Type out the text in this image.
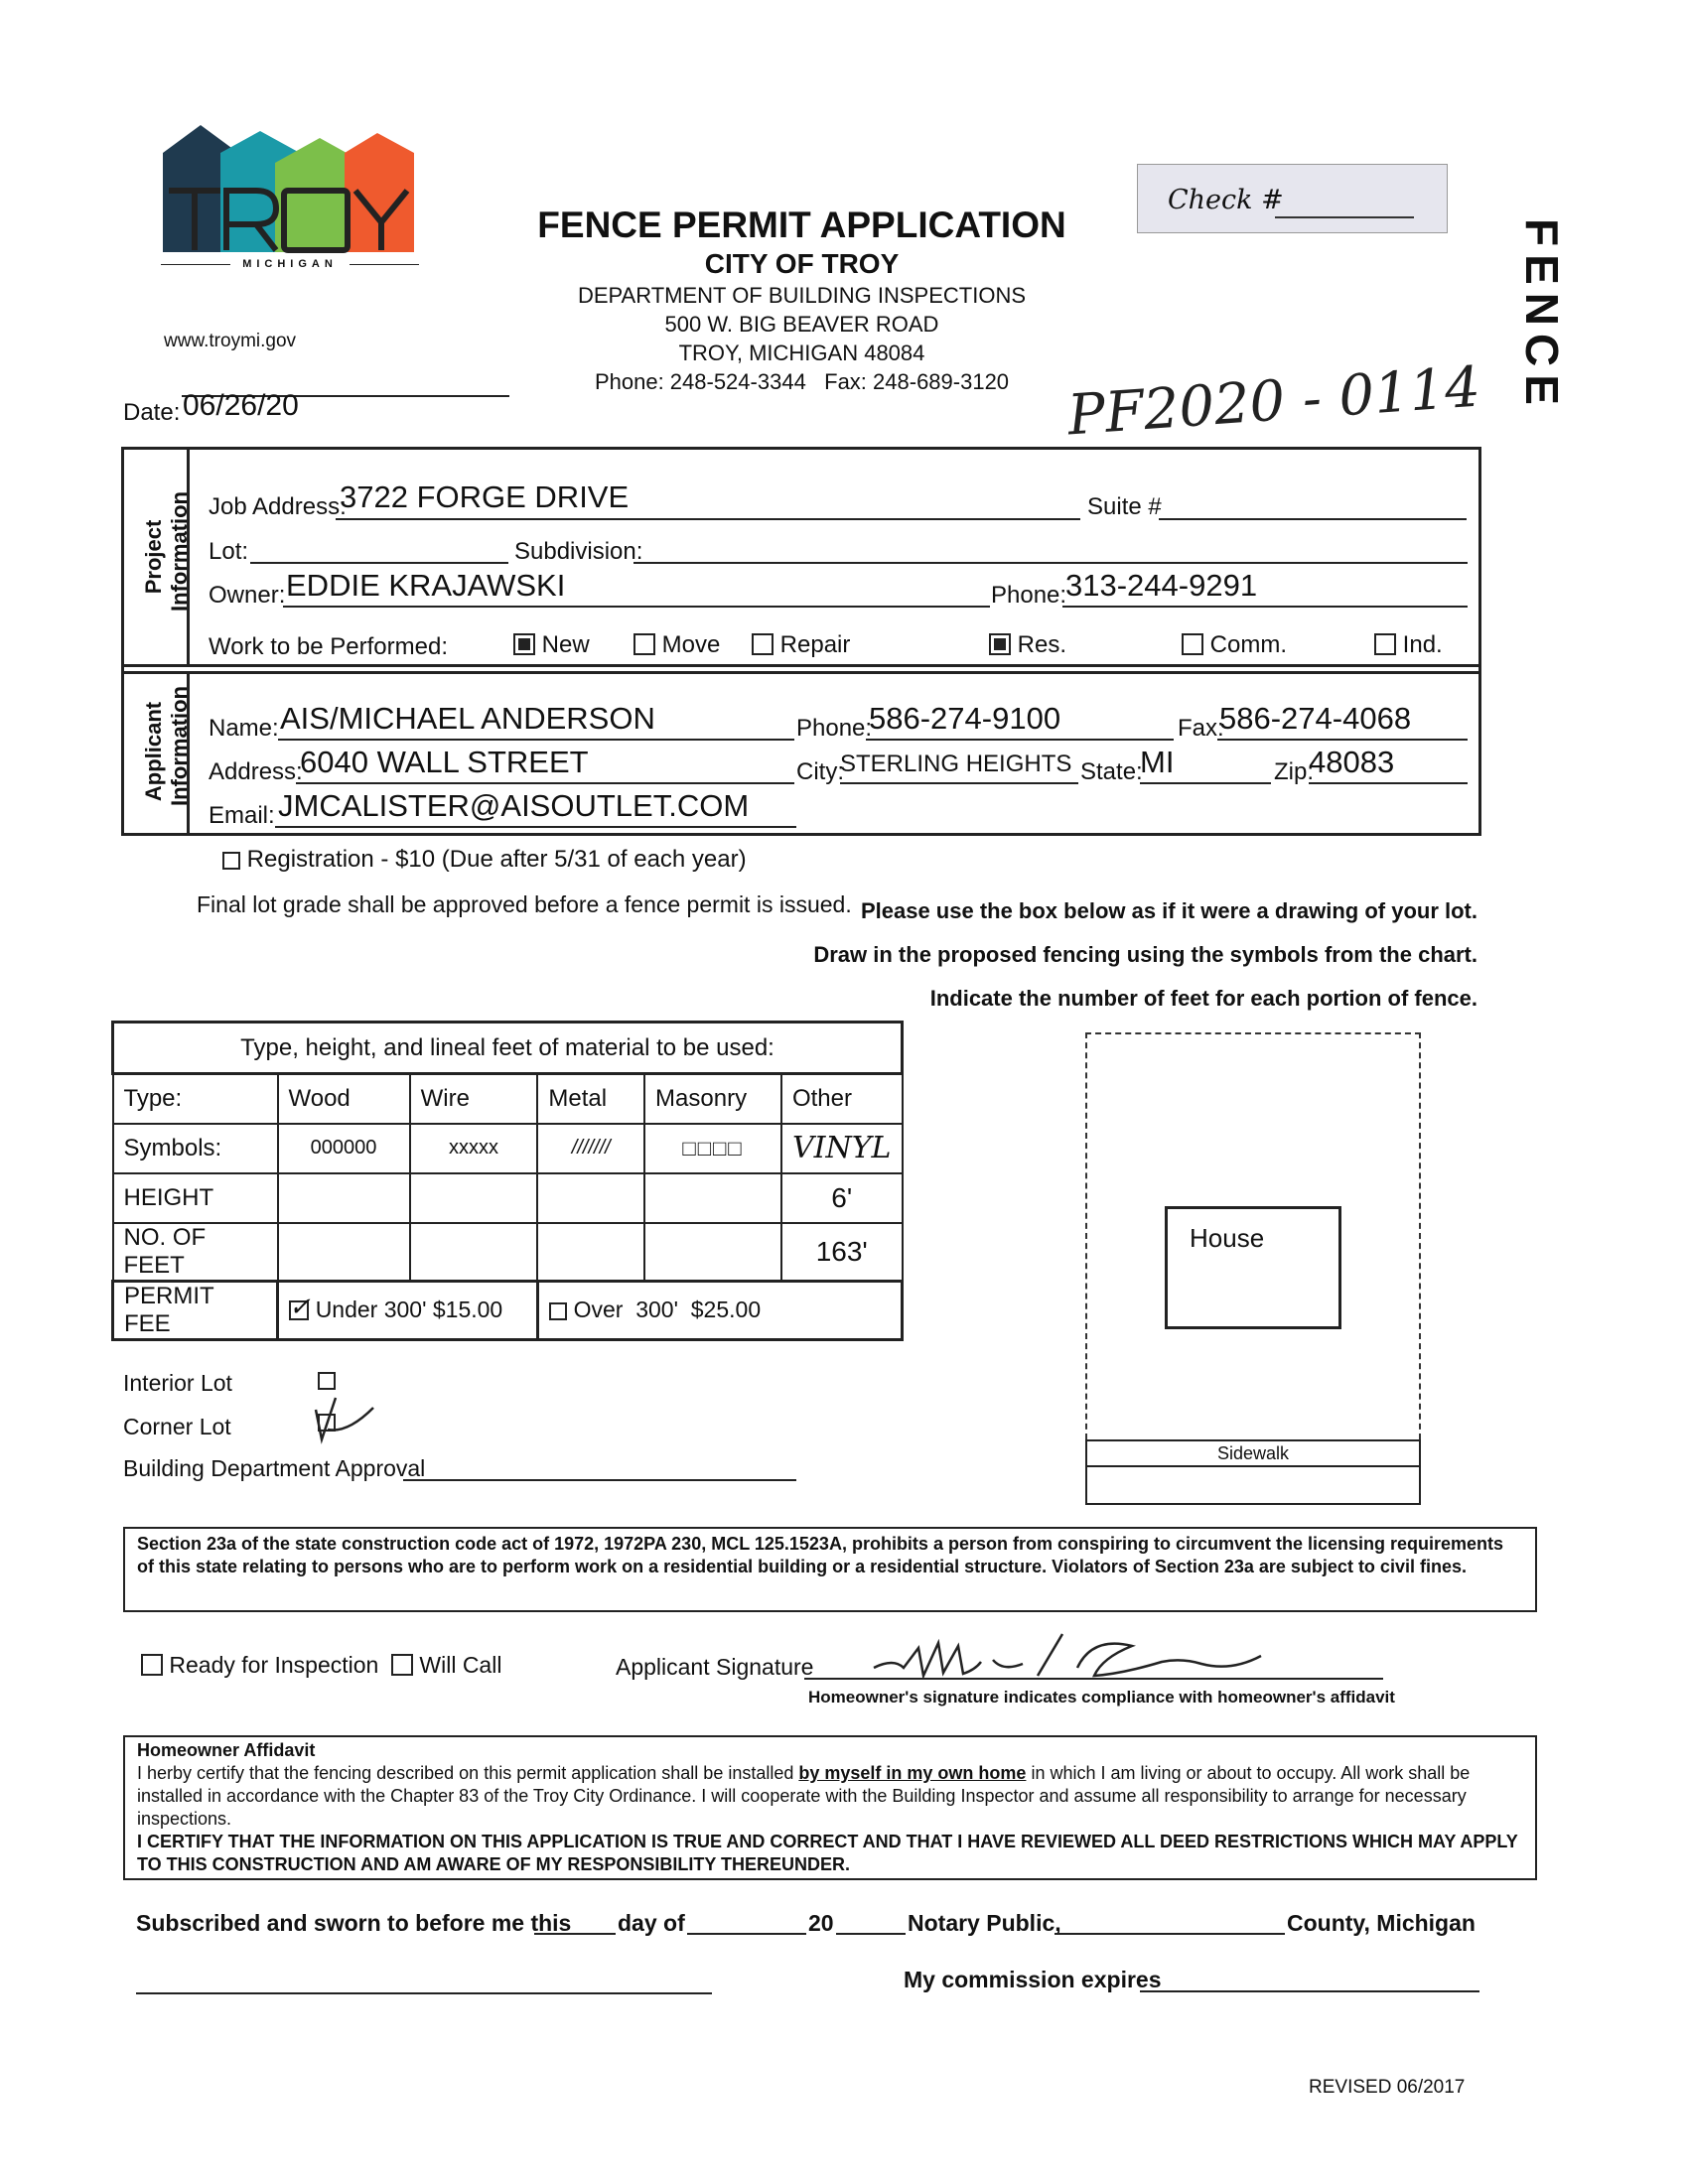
MICHIGAN
www.troymi.gov
FENCE PERMIT APPLICATION
CITY OF TROY
DEPARTMENT OF BUILDING INSPECTIONS
500 W. BIG BEAVER ROAD
TROY, MICHIGAN 48084
Phone: 248-524-3344   Fax: 248-689-3120
Check #
FENCE
PF2020 - 0114
Date: 06/26/20
Project Information Job Address:
3722 FORGE DRIVE	Suite #
Lot:	Subdivision:
Owner: EDDIE KRAJAWSKI	Phone:
313-244-9291
Work to be Performed:	New	Move	Repair	Res.	Comm.	Ind.
Applicant Information Name: AIS/MICHAEL ANDERSON	Phone:
586-274-9100	Fax:
586-274-4068
Address:
6040 WALL STREET	City:
STERLING HEIGHTS State:
MI	Zip:
48083
Email: JMCALISTER@AISOUTLET.COM
Registration - $10 (Due after 5/31 of each year)
Final lot grade shall be approved before a fence permit is issued. Please use the box below as if it were a drawing of your lot.
Draw in the proposed fencing using the symbols from the chart.
Indicate the number of feet for each portion of fence.
Type, height, and lineal feet of material to be used:					
Type:	Wood	Wire	Metal	Masonry	Other
Symbols:	000000	xxxxx	///////	□□□□	VINYL
HEIGHT					6'
NO. OF FEET					163'
PERMIT FEE	✓ Under 300' $15.00		Over  300'  $25.00		
Interior Lot
Corner Lot
Building Department Approval
House
Sidewalk
Section 23a of the state construction code act of 1972, 1972PA 230, MCL 125.1523A, prohibits a person from conspiring to circumvent the licensing requirements of this state relating to persons who are to perform work on a residential building or a residential structure. Violators of Section 23a are subject to civil fines.
Ready for Inspection	Will Call	Applicant Signature
Homeowner's signature indicates compliance with homeowner's affidavit
Homeowner Affidavit
I herby certify that the fencing described on this permit application shall be installed by myself in my own home in which I am living or about to occupy. All work shall be installed in accordance with the Chapter 83 of the Troy City Ordinance. I will cooperate with the Building Inspector and assume all responsibility to arrange for necessary inspections.
I CERTIFY THAT THE INFORMATION ON THIS APPLICATION IS TRUE AND CORRECT AND THAT I HAVE REVIEWED ALL DEED RESTRICTIONS WHICH MAY APPLY TO THIS CONSTRUCTION AND AM AWARE OF MY RESPONSIBILITY THEREUNDER.
Subscribed and sworn to before me this day of	20	Notary Public,	County, Michigan
My commission expires
REVISED 06/2017
